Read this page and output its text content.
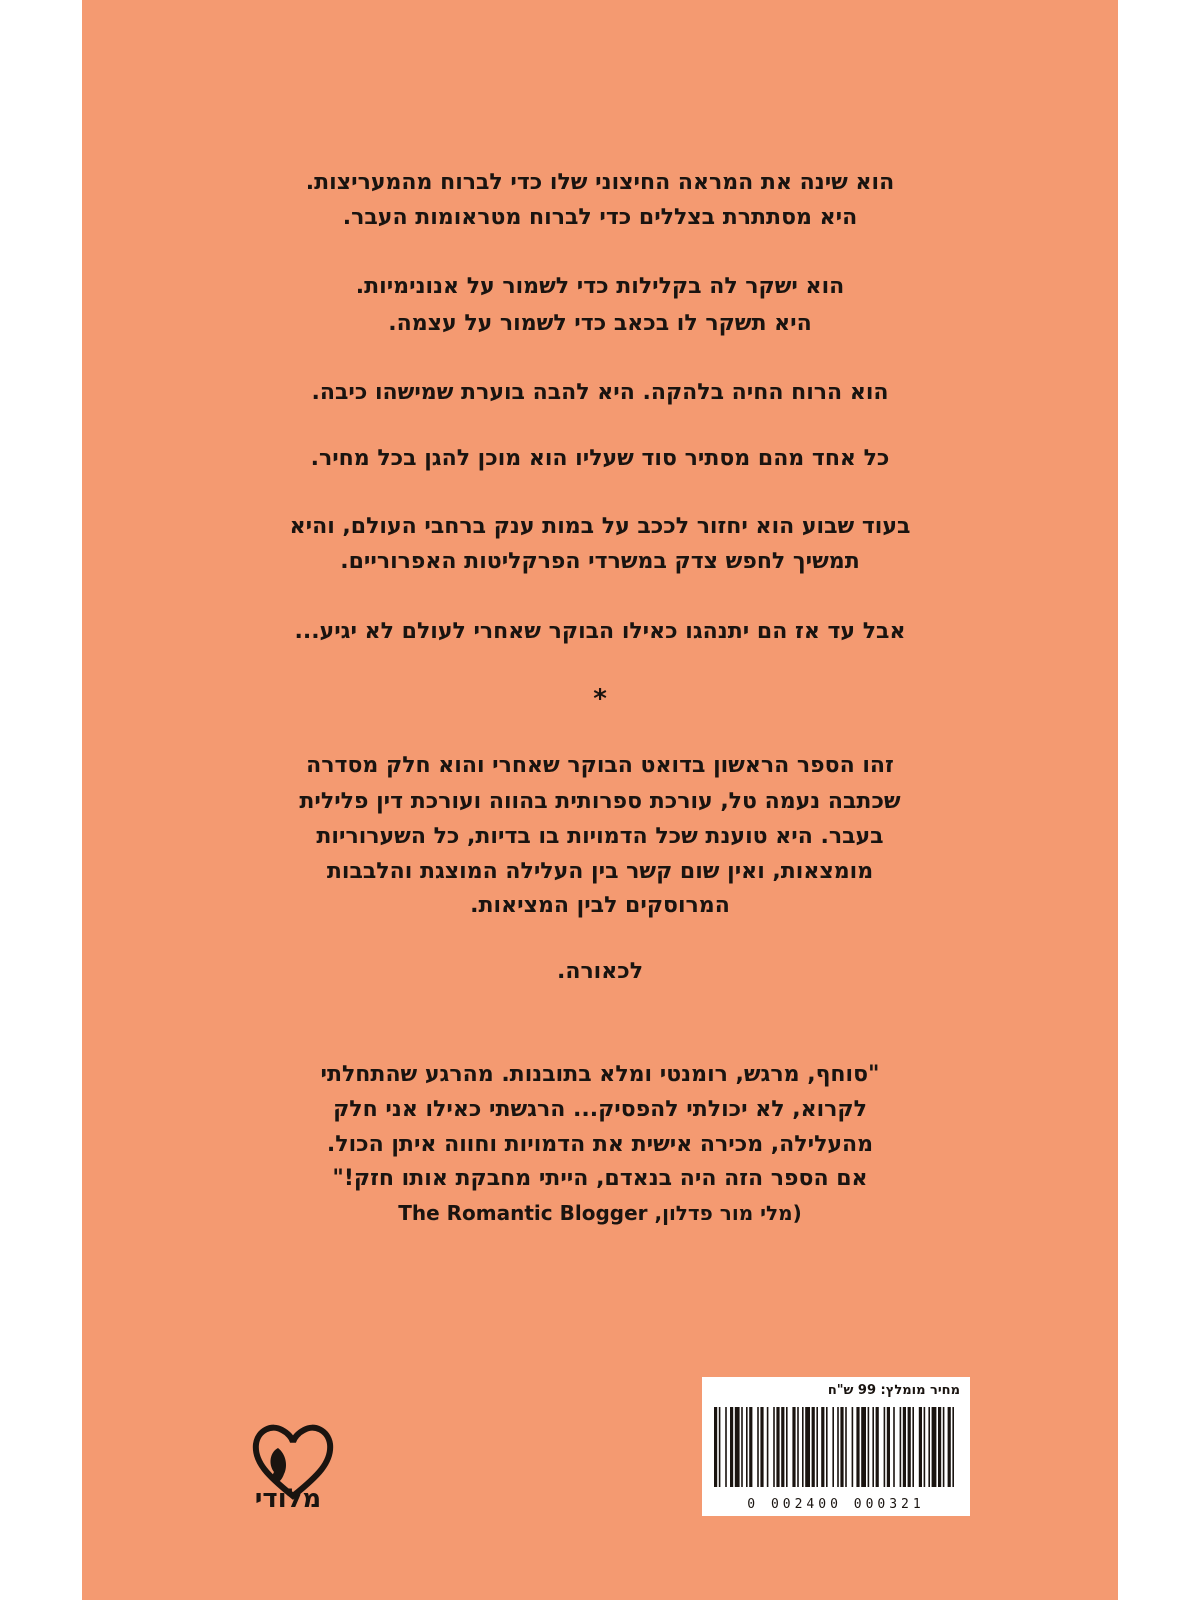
הוא שינה את המראה החיצוני שלו כדי לברוח מהמעריצות.
היא מסתתרת בצללים כדי לברוח מטראומות העבר.
הוא ישקר לה בקלילות כדי לשמור על אנונימיות.
היא תשקר לו בכאב כדי לשמור על עצמה.
הוא הרוח החיה בלהקה. היא להבה בוערת שמישהו כיבה.
כל אחד מהם מסתיר סוד שעליו הוא מוכן להגן בכל מחיר.
בעוד שבוע הוא יחזור לככב על במות ענק ברחבי העולם, והיא
תמשיך לחפש צדק במשרדי הפרקליטות האפרוריים.
אבל עד אז הם יתנהגו כאילו הבוקר שאחרי לעולם לא יגיע...
*
זהו הספר הראשון בדואט הבוקר שאחרי והוא חלק מסדרה
שכתבה נעמה טל, עורכת ספרותית בהווה ועורכת דין פלילית
בעבר. היא טוענת שכל הדמויות בו בדיות, כל השערוריות
מומצאות, ואין שום קשר בין העלילה המוצגת והלבבות
המרוסקים לבין המציאות.
לכאורה.
"סוחף, מרגש, רומנטי ומלא בתובנות. מהרגע שהתחלתי
לקרוא, לא יכולתי להפסיק... הרגשתי כאילו אני חלק
מהעלילה, מכירה אישית את הדמויות וחווה איתן הכול.
אם הספר הזה היה בנאדם, הייתי מחבקת אותו חזק!"
(מלי מור פדלון, The Romantic Blogger
מחיר מומלץ: 99 ש"ח
0 002400 000321
מלודי
